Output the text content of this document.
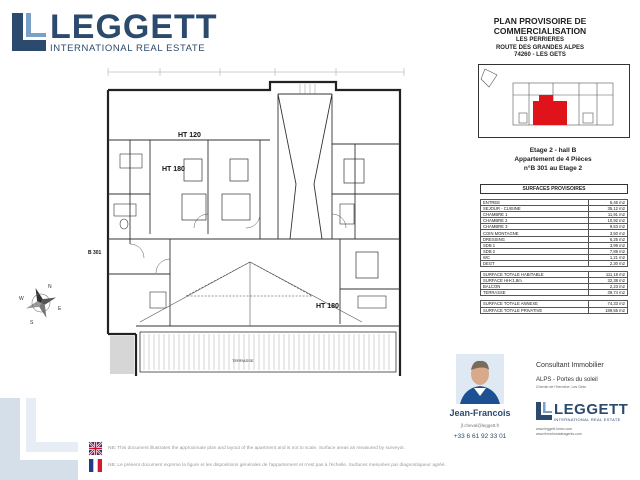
LEGGETT
INTERNATIONAL REAL ESTATE
PLAN PROVISOIRE DE
COMMERCIALISATION
LES PERRIERES
ROUTE DES GRANDES ALPES
74260 - LES GETS
Etage 2 - hall B
Appartement de 4 Pièces
n°B 301 au Etage 2
SURFACES PROVISOIRES
ENTREE	6,46 m2
SEJOUR - CUISINE	35,12 m2
CHAMBRE 1	11,91 m2
CHAMBRE 2	10,92 m2
CHAMBRE 3	9,53 m2
COIN MONTAGNE	3,50 m2
DRESSING	6,25 m2
SDB 1	3,99 m2
SDB 2	7,89 m2
WC	1,21 m2
DEGT	2,30 m2

SURFACE TOTALE HABITABLE	111,18 m2
SURFACE HH<1,8m	32,38 m2
BALCON	2,23 m2
TERRASSE	39,74 m2

SURFACE TOTALE ANNEXE	74,33 m2
SURFACE TOTALE PRIVATIVE	189,55 m2
HT 120
HT 180
HT 180
B 301
TERRASSE
N
E
S
W
Consultant Immobilier
ALPS - Portes du soleil
Chemin de l'Hermine, Les Gets
Jean-Francois
jf.cheval@leggett.fr
+33 6 61 92 33 01
LEGGETT
INTERNATIONAL REAL ESTATE
www.leggett-immo.com
www.frenchestateagents.com
NB: This document illustrates the approximate plan and layout of the apartment and is not to scale. Surface areas as measured by surveyor.
NB: Le présent document exprime la figure et les dispositions générales de l'appartement et n'est pas à l'échelle. Surfaces mesurées par diagnostiqueur agréé.
